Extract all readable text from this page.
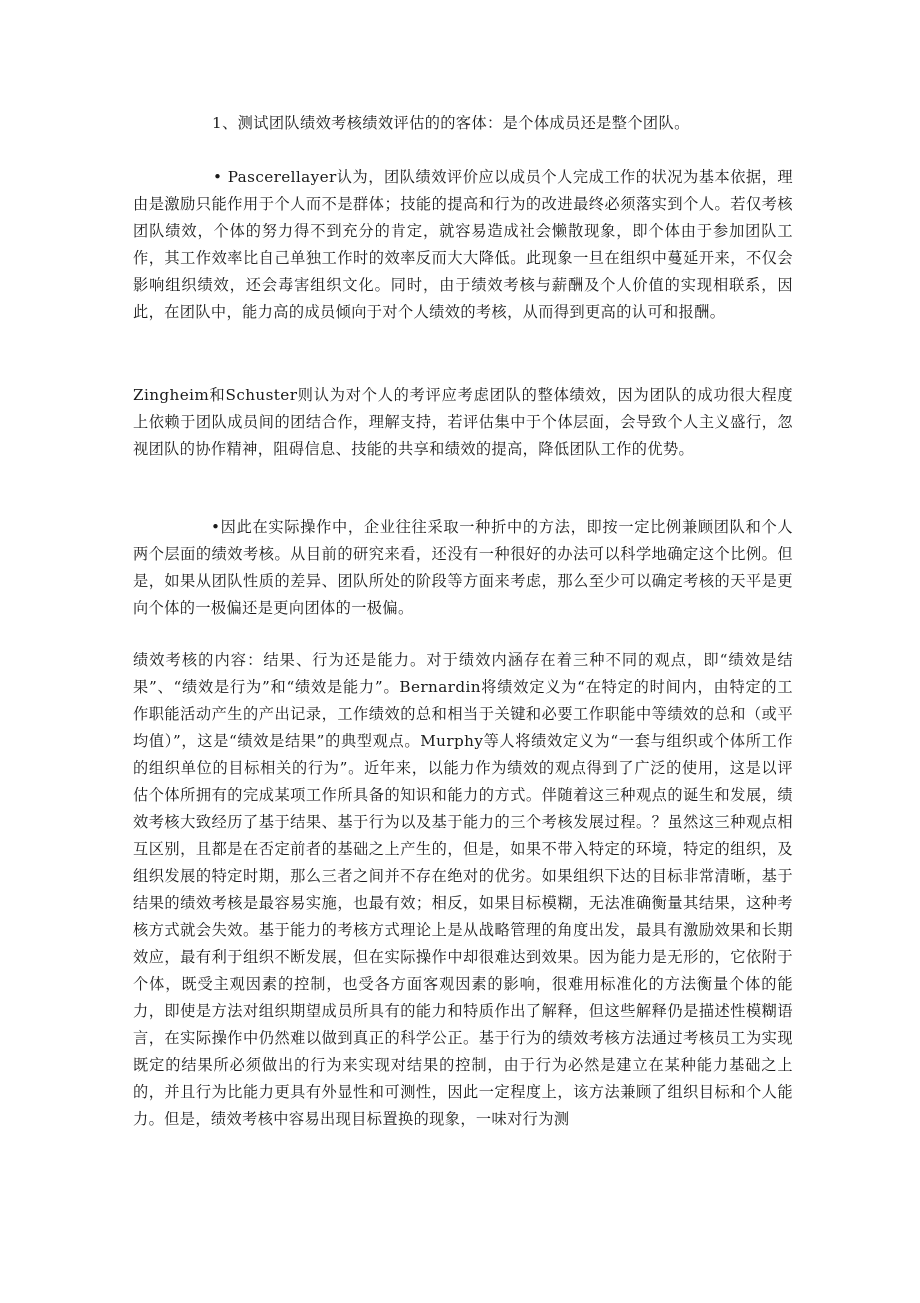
1、测试团队绩效考核绩效评估的的客体：是个体成员还是整个团队。

• Pascerellayer认为，团队绩效评价应以成员个人完成工作的状况为基本依据，理由是激励只能作用于个人而不是群体；技能的提高和行为的改进最终必须落实到个人。若仅考核团队绩效，个体的努力得不到充分的肯定，就容易造成社会懒散现象，即个体由于参加团队工作，其工作效率比自己单独工作时的效率反而大大降低。此现象一旦在组织中蔓延开来，不仅会影响组织绩效，还会毒害组织文化。同时，由于绩效考核与薪酬及个人价值的实现相联系，因此，在团队中，能力高的成员倾向于对个人绩效的考核，从而得到更高的认可和报酬。

Zingheim和Schuster则认为对个人的考评应考虑团队的整体绩效，因为团队的成功很大程度上依赖于团队成员间的团结合作，理解支持，若评估集中于个体层面，会导致个人主义盛行，忽视团队的协作精神，阻碍信息、技能的共享和绩效的提高，降低团队工作的优势。

•因此在实际操作中，企业往往采取一种折中的方法，即按一定比例兼顾团队和个人两个层面的绩效考核。从目前的研究来看，还没有一种很好的办法可以科学地确定这个比例。但是，如果从团队性质的差异、团队所处的阶段等方面来考虑，那么至少可以确定考核的天平是更向个体的一极偏还是更向团体的一极偏。

绩效考核的内容：结果、行为还是能力。对于绩效内涵存在着三种不同的观点，即“绩效是结果”、“绩效是行为”和“绩效是能力”。Bernardin将绩效定义为“在特定的时间内，由特定的工作职能活动产生的产出记录，工作绩效的总和相当于关键和必要工作职能中等绩效的总和（或平均值）”，这是“绩效是结果”的典型观点。Murphy等人将绩效定义为“一套与组织或个体所工作的组织单位的目标相关的行为”。近年来，以能力作为绩效的观点得到了广泛的使用，这是以评估个体所拥有的完成某项工作所具备的知识和能力的方式。伴随着这三种观点的诞生和发展，绩效考核大致经历了基于结果、基于行为以及基于能力的三个考核发展过程。？虽然这三种观点相互区别，且都是在否定前者的基础之上产生的，但是，如果不带入特定的环境，特定的组织，及组织发展的特定时期，那么三者之间并不存在绝对的优劣。如果组织下达的目标非常清晰，基于结果的绩效考核是最容易实施，也最有效；相反，如果目标模糊，无法准确衡量其结果，这种考核方式就会失效。基于能力的考核方式理论上是从战略管理的角度出发，最具有激励效果和长期效应，最有利于组织不断发展，但在实际操作中却很难达到效果。因为能力是无形的，它依附于个体，既受主观因素的控制，也受各方面客观因素的影响，很难用标准化的方法衡量个体的能力，即使是方法对组织期望成员所具有的能力和特质作出了解释，但这些解释仍是描述性模糊语言，在实际操作中仍然难以做到真正的科学公正。基于行为的绩效考核方法通过考核员工为实现既定的结果所必须做出的行为来实现对结果的控制，由于行为必然是建立在某种能力基础之上的，并且行为比能力更具有外显性和可测性，因此一定程度上，该方法兼顾了组织目标和个人能力。但是，绩效考核中容易出现目标置换的现象，一味对行为测
